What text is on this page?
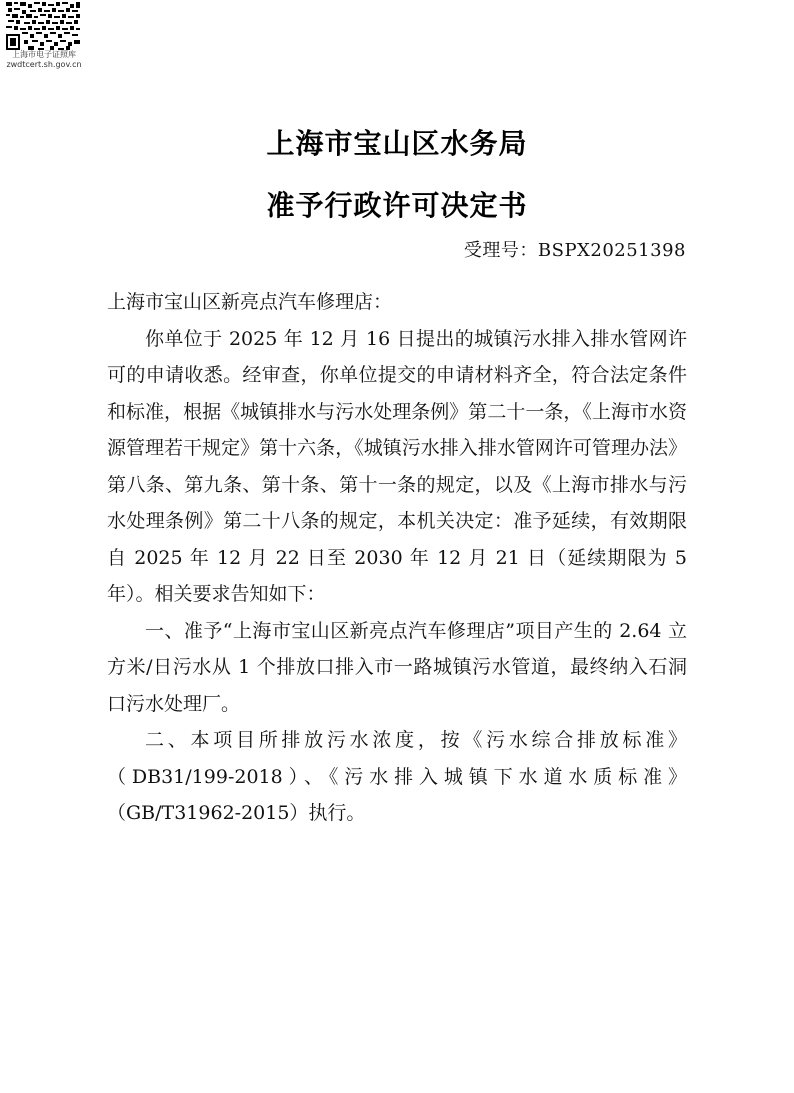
上海市电子证照库
zwdtcert.sh.gov.cn
上海市宝山区水务局
准予行政许可决定书
受理号：BSPX20251398

上海市宝山区新亮点汽车修理店：

你单位于 2025 年 12 月 16 日提出的城镇污水排入排水管网许可的申请收悉。经审查，你单位提交的申请材料齐全，符合法定条件和标准，根据《城镇排水与污水处理条例》第二十一条，《上海市水资源管理若干规定》第十六条，《城镇污水排入排水管网许可管理办法》第八条、第九条、第十条、第十一条的规定，以及《上海市排水与污水处理条例》第二十八条的规定，本机关决定：准予延续，有效期限自 2025 年 12 月 22 日至 2030 年 12 月 21 日（延续期限为 5 年）。相关要求告知如下：

一、准予“上海市宝山区新亮点汽车修理店”项目产生的 2.64 立方米/日污水从 1 个排放口排入市一路城镇污水管道，最终纳入石洞口污水处理厂。

二、本项目所排放污水浓度，按《污水综合排放标准》（DB31/199-2018）、《污水排入城镇下水道水质标准》（GB/T31962-2015）执行。
